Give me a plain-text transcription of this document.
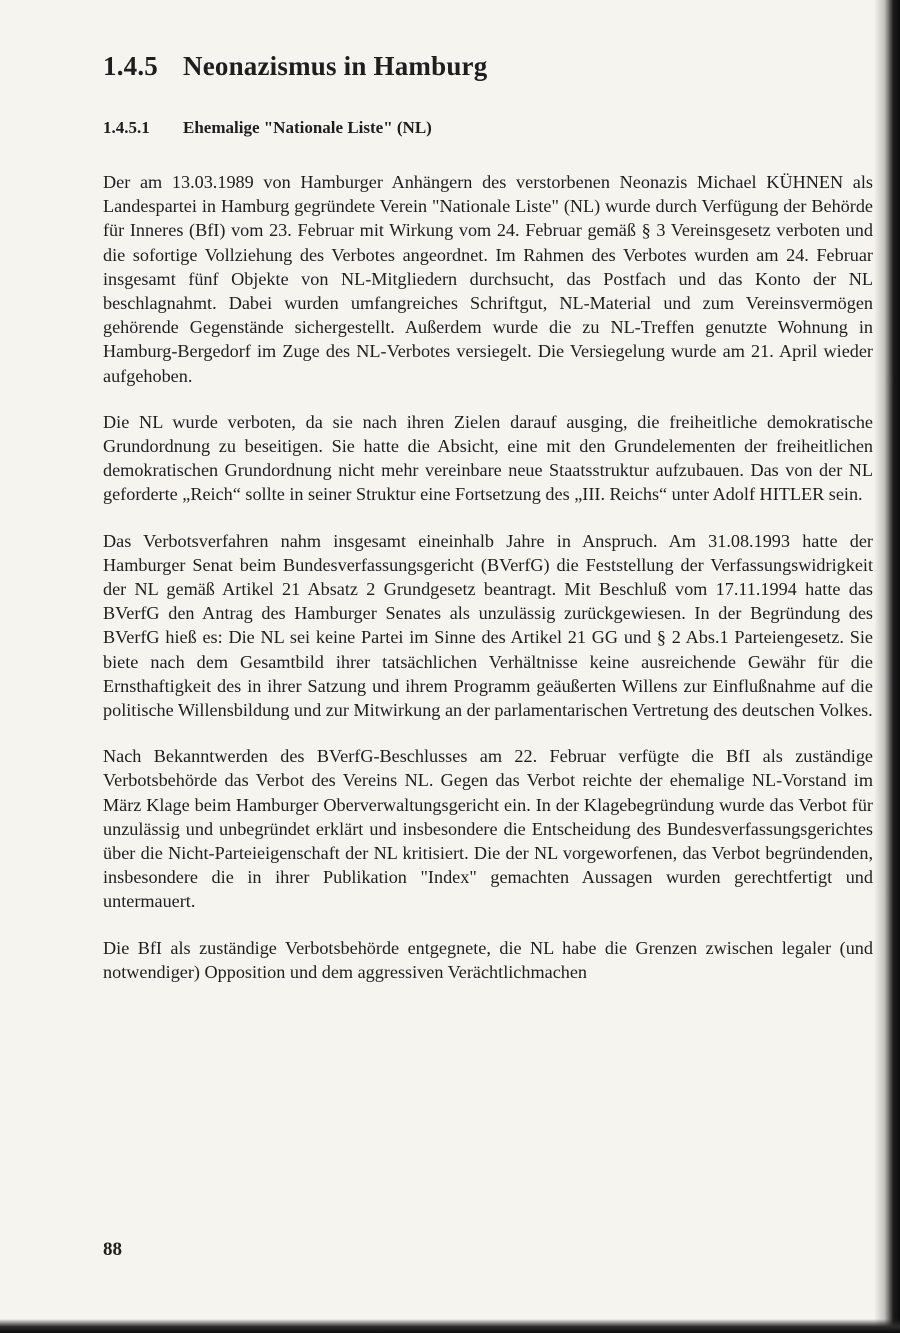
1.4.5 Neonazismus in Hamburg
1.4.5.1 Ehemalige "Nationale Liste" (NL)

Der am 13.03.1989 von Hamburger Anhängern des verstorbenen Neonazis Michael KÜHNEN als Landespartei in Hamburg gegründete Verein "Nationale Liste" (NL) wurde durch Verfügung der Behörde für Inneres (BfI) vom 23. Februar mit Wirkung vom 24. Februar gemäß § 3 Vereinsgesetz verboten und die sofortige Vollziehung des Verbotes angeordnet. Im Rahmen des Verbotes wurden am 24. Februar insgesamt fünf Objekte von NL-Mitgliedern durchsucht, das Postfach und das Konto der NL beschlagnahmt. Dabei wurden umfangreiches Schriftgut, NL-Material und zum Vereinsvermögen gehörende Gegenstände sichergestellt. Außerdem wurde die zu NL-Treffen genutzte Wohnung in Hamburg-Bergedorf im Zuge des NL-Verbotes versiegelt. Die Versiegelung wurde am 21. April wieder aufgehoben.

Die NL wurde verboten, da sie nach ihren Zielen darauf ausging, die freiheitliche demokratische Grundordnung zu beseitigen. Sie hatte die Absicht, eine mit den Grundelementen der freiheitlichen demokratischen Grundordnung nicht mehr vereinbare neue Staatsstruktur aufzubauen. Das von der NL geforderte „Reich“ sollte in seiner Struktur eine Fortsetzung des „III. Reichs“ unter Adolf HITLER sein.

Das Verbotsverfahren nahm insgesamt eineinhalb Jahre in Anspruch. Am 31.08.1993 hatte der Hamburger Senat beim Bundesverfassungsgericht (BVerfG) die Feststellung der Verfassungswidrigkeit der NL gemäß Artikel 21 Absatz 2 Grundgesetz beantragt. Mit Beschluß vom 17.11.1994 hatte das BVerfG den Antrag des Hamburger Senates als unzulässig zurückgewiesen. In der Begründung des BVerfG hieß es: Die NL sei keine Partei im Sinne des Artikel 21 GG und § 2 Abs.1 Parteiengesetz. Sie biete nach dem Gesamtbild ihrer tatsächlichen Verhältnisse keine ausreichende Gewähr für die Ernsthaftigkeit des in ihrer Satzung und ihrem Programm geäußerten Willens zur Einflußnahme auf die politische Willensbildung und zur Mitwirkung an der parlamentarischen Vertretung des deutschen Volkes.

Nach Bekanntwerden des BVerfG-Beschlusses am 22. Februar verfügte die BfI als zuständige Verbotsbehörde das Verbot des Vereins NL. Gegen das Verbot reichte der ehemalige NL-Vorstand im März Klage beim Hamburger Oberverwaltungsgericht ein. In der Klagebegründung wurde das Verbot für unzulässig und unbegründet erklärt und insbesondere die Entscheidung des Bundesverfassungsgerichtes über die Nicht-Parteieigenschaft der NL kritisiert. Die der NL vorgeworfenen, das Verbot begründenden, insbesondere die in ihrer Publikation "Index" gemachten Aussagen wurden gerechtfertigt und untermauert.

Die BfI als zuständige Verbotsbehörde entgegnete, die NL habe die Grenzen zwischen legaler (und notwendiger) Opposition und dem aggressiven Verächtlichmachen

88
